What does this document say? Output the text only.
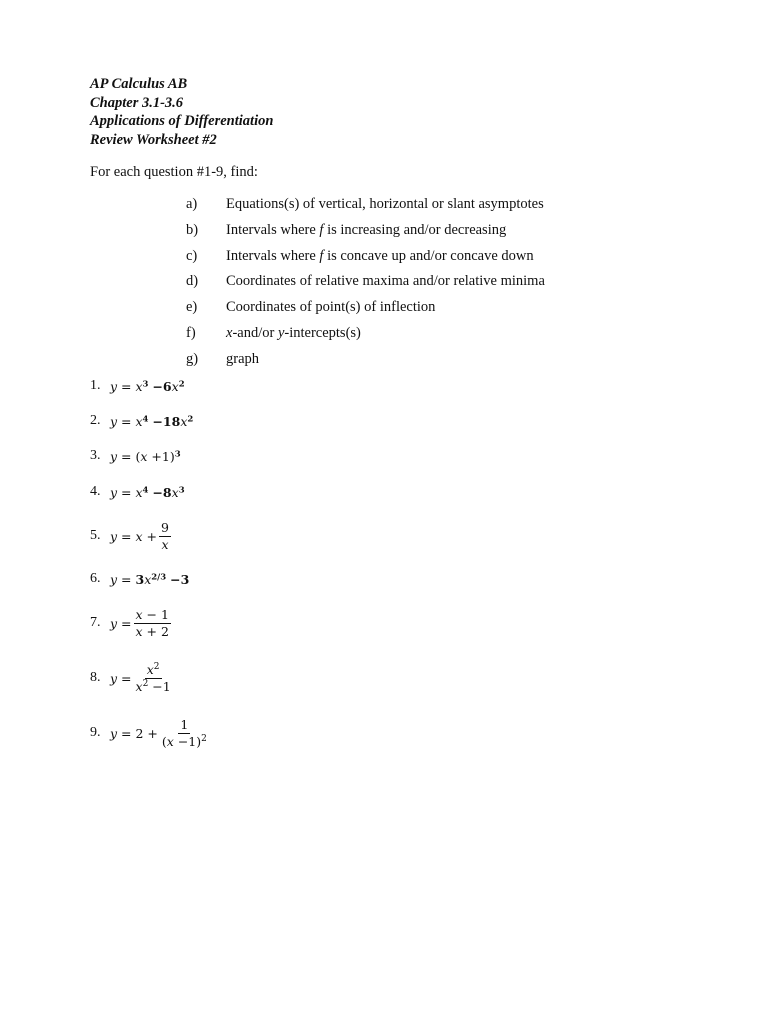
AP Calculus AB
Chapter 3.1-3.6
Applications of Differentiation
Review Worksheet #2
For each question #1-9, find:
a) Equations(s) of vertical, horizontal or slant asymptotes
b) Intervals where f is increasing and/or decreasing
c) Intervals where f is concave up and/or concave down
d) Coordinates of relative maxima and/or relative minima
e) Coordinates of point(s) of inflection
f) x-and/or y-intercepts(s)
g) graph
1. $y = x^3 -6x^2$
2. $y = x^4 -18x^2$
3. $y = (x +1)^3$
4. $y = x^4 -8x^3$
5. $y = x + \frac{9}{x}$
6. $y = 3x^{2/3} -3$
7. $y = \frac{x - 1}{x + 2}$
8. $y = \frac{x^2}{x^2 -1}$
9. $y = 2 + \frac{1}{(x -1)^2}$
